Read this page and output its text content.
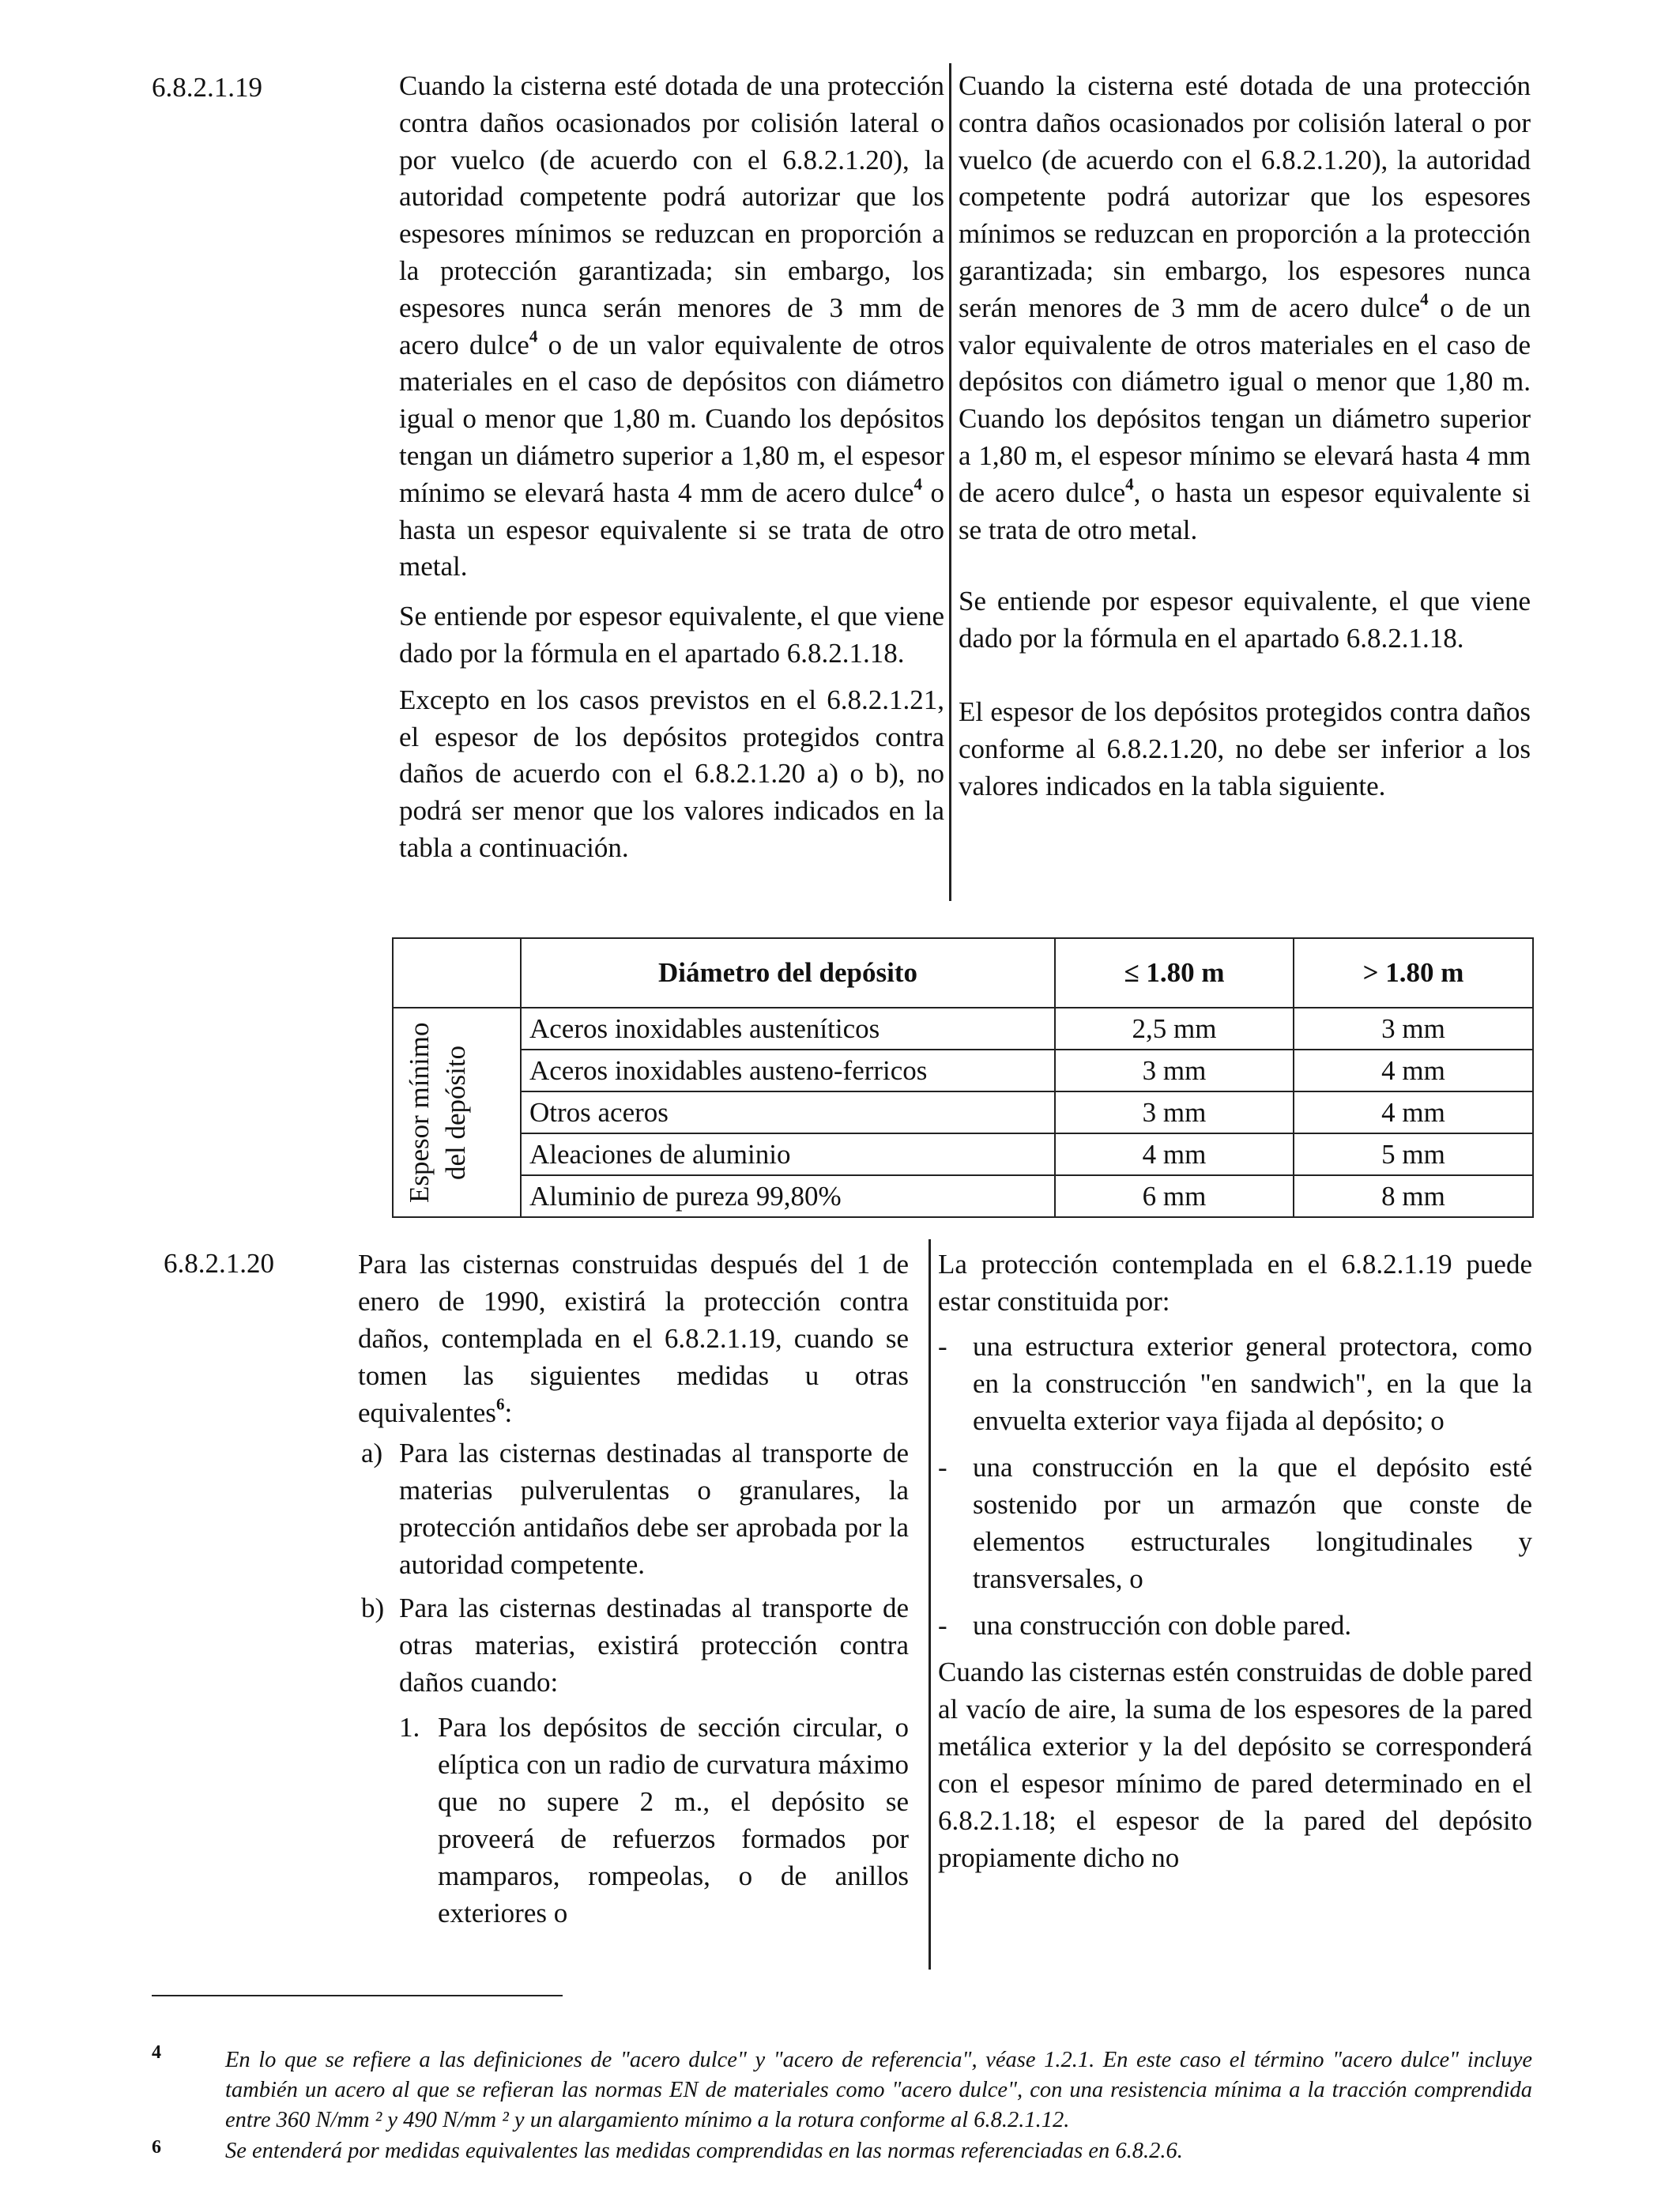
6.8.2.1.19	Cuando la cisterna esté dotada de una protección contra daños ocasionados por colisión lateral o por vuelco (de acuerdo con el 6.8.2.1.20), la autoridad competente podrá autorizar que los espesores mínimos se reduzcan en proporción a la protección garantizada; sin embargo, los espesores nunca serán menores de 3 mm de acero dulce$^4$ o de un valor equivalente de otros materiales en el caso de depósitos con diámetro igual o menor que 1,80 m. Cuando los depósitos tengan un diámetro superior a 1,80 m, el espesor mínimo se elevará hasta 4 mm de acero dulce$^4$ o hasta un espesor equivalente si se trata de otro metal.

Se entiende por espesor equivalente, el que viene dado por la fórmula en el apartado 6.8.2.1.18.

Excepto en los casos previstos en el 6.8.2.1.21, el espesor de los depósitos protegidos contra daños de acuerdo con el 6.8.2.1.20 a) o b), no podrá ser menor que los valores indicados en la tabla a continuación.

Cuando la cisterna esté dotada de una protección contra daños ocasionados por colisión lateral o por vuelco (de acuerdo con el 6.8.2.1.20), la autoridad competente podrá autorizar que los espesores mínimos se reduzcan en proporción a la protección garantizada; sin embargo, los espesores nunca serán menores de 3 mm de acero dulce$^4$ o de un valor equivalente de otros materiales en el caso de depósitos con diámetro igual o menor que 1,80 m. Cuando los depósitos tengan un diámetro superior a 1,80 m, el espesor mínimo se elevará hasta 4 mm de acero dulce$^4$, o hasta un espesor equivalente si se trata de otro metal.

Se entiende por espesor equivalente, el que viene dado por la fórmula en el apartado 6.8.2.1.18.

El espesor de los depósitos protegidos contra daños conforme al 6.8.2.1.20, no debe ser inferior a los valores indicados en la tabla siguiente.

	Diámetro del depósito	≤ 1.80 m	> 1.80 m

Espesor mínimo del depósito	Aceros inoxidables austeníticos	2,5 mm	3 mm
	Aceros inoxidables austeno-ferricos	3 mm	4 mm
	Otros aceros	3 mm	4 mm
	Aleaciones de aluminio	4 mm	5 mm
	Aluminio de pureza 99,80%	6 mm	8 mm
6.8.2.1.20	Para las cisternas construidas después del 1 de enero de 1990, existirá la protección contra daños, contemplada en el 6.8.2.1.19, cuando se tomen las siguientes medidas u otras equivalentes$^6$:

a) Para las cisternas destinadas al transporte de materias pulverulentas o granulares, la protección antidaños debe ser aprobada por la autoridad competente.

b) Para las cisternas destinadas al transporte de otras materias, existirá protección contra daños cuando:

1. Para los depósitos de sección circular, o elíptica con un radio de curvatura máximo que no supere 2 m., el depósito se proveerá de refuerzos formados por mamparos, rompeolas, o de anillos exteriores o

La protección contemplada en el 6.8.2.1.19 puede estar constituida por:

- una estructura exterior general protectora, como en la construcción "en sandwich", en la que la envuelta exterior vaya fijada al depósito; o

- una construcción en la que el depósito esté sostenido por un armazón que conste de elementos estructurales longitudinales y transversales, o

- una construcción con doble pared.

Cuando las cisternas estén construidas de doble pared al vacío de aire, la suma de los espesores de la pared metálica exterior y la del depósito se corresponderá con el espesor mínimo de pared determinado en el 6.8.2.1.18; el espesor de la pared del depósito propiamente dicho no

4	En lo que se refiere a las definiciones de "acero dulce" y "acero de referencia", véase 1.2.1. En este caso el término "acero dulce" incluye también un acero al que se refieran las normas EN de materiales como "acero dulce", con una resistencia mínima a la tracción comprendida entre 360 N/mm ² y 490 N/mm ² y un alargamiento mínimo a la rotura conforme al 6.8.2.1.12.

6	Se entenderá por medidas equivalentes las medidas comprendidas en las normas referenciadas en 6.8.2.6.
